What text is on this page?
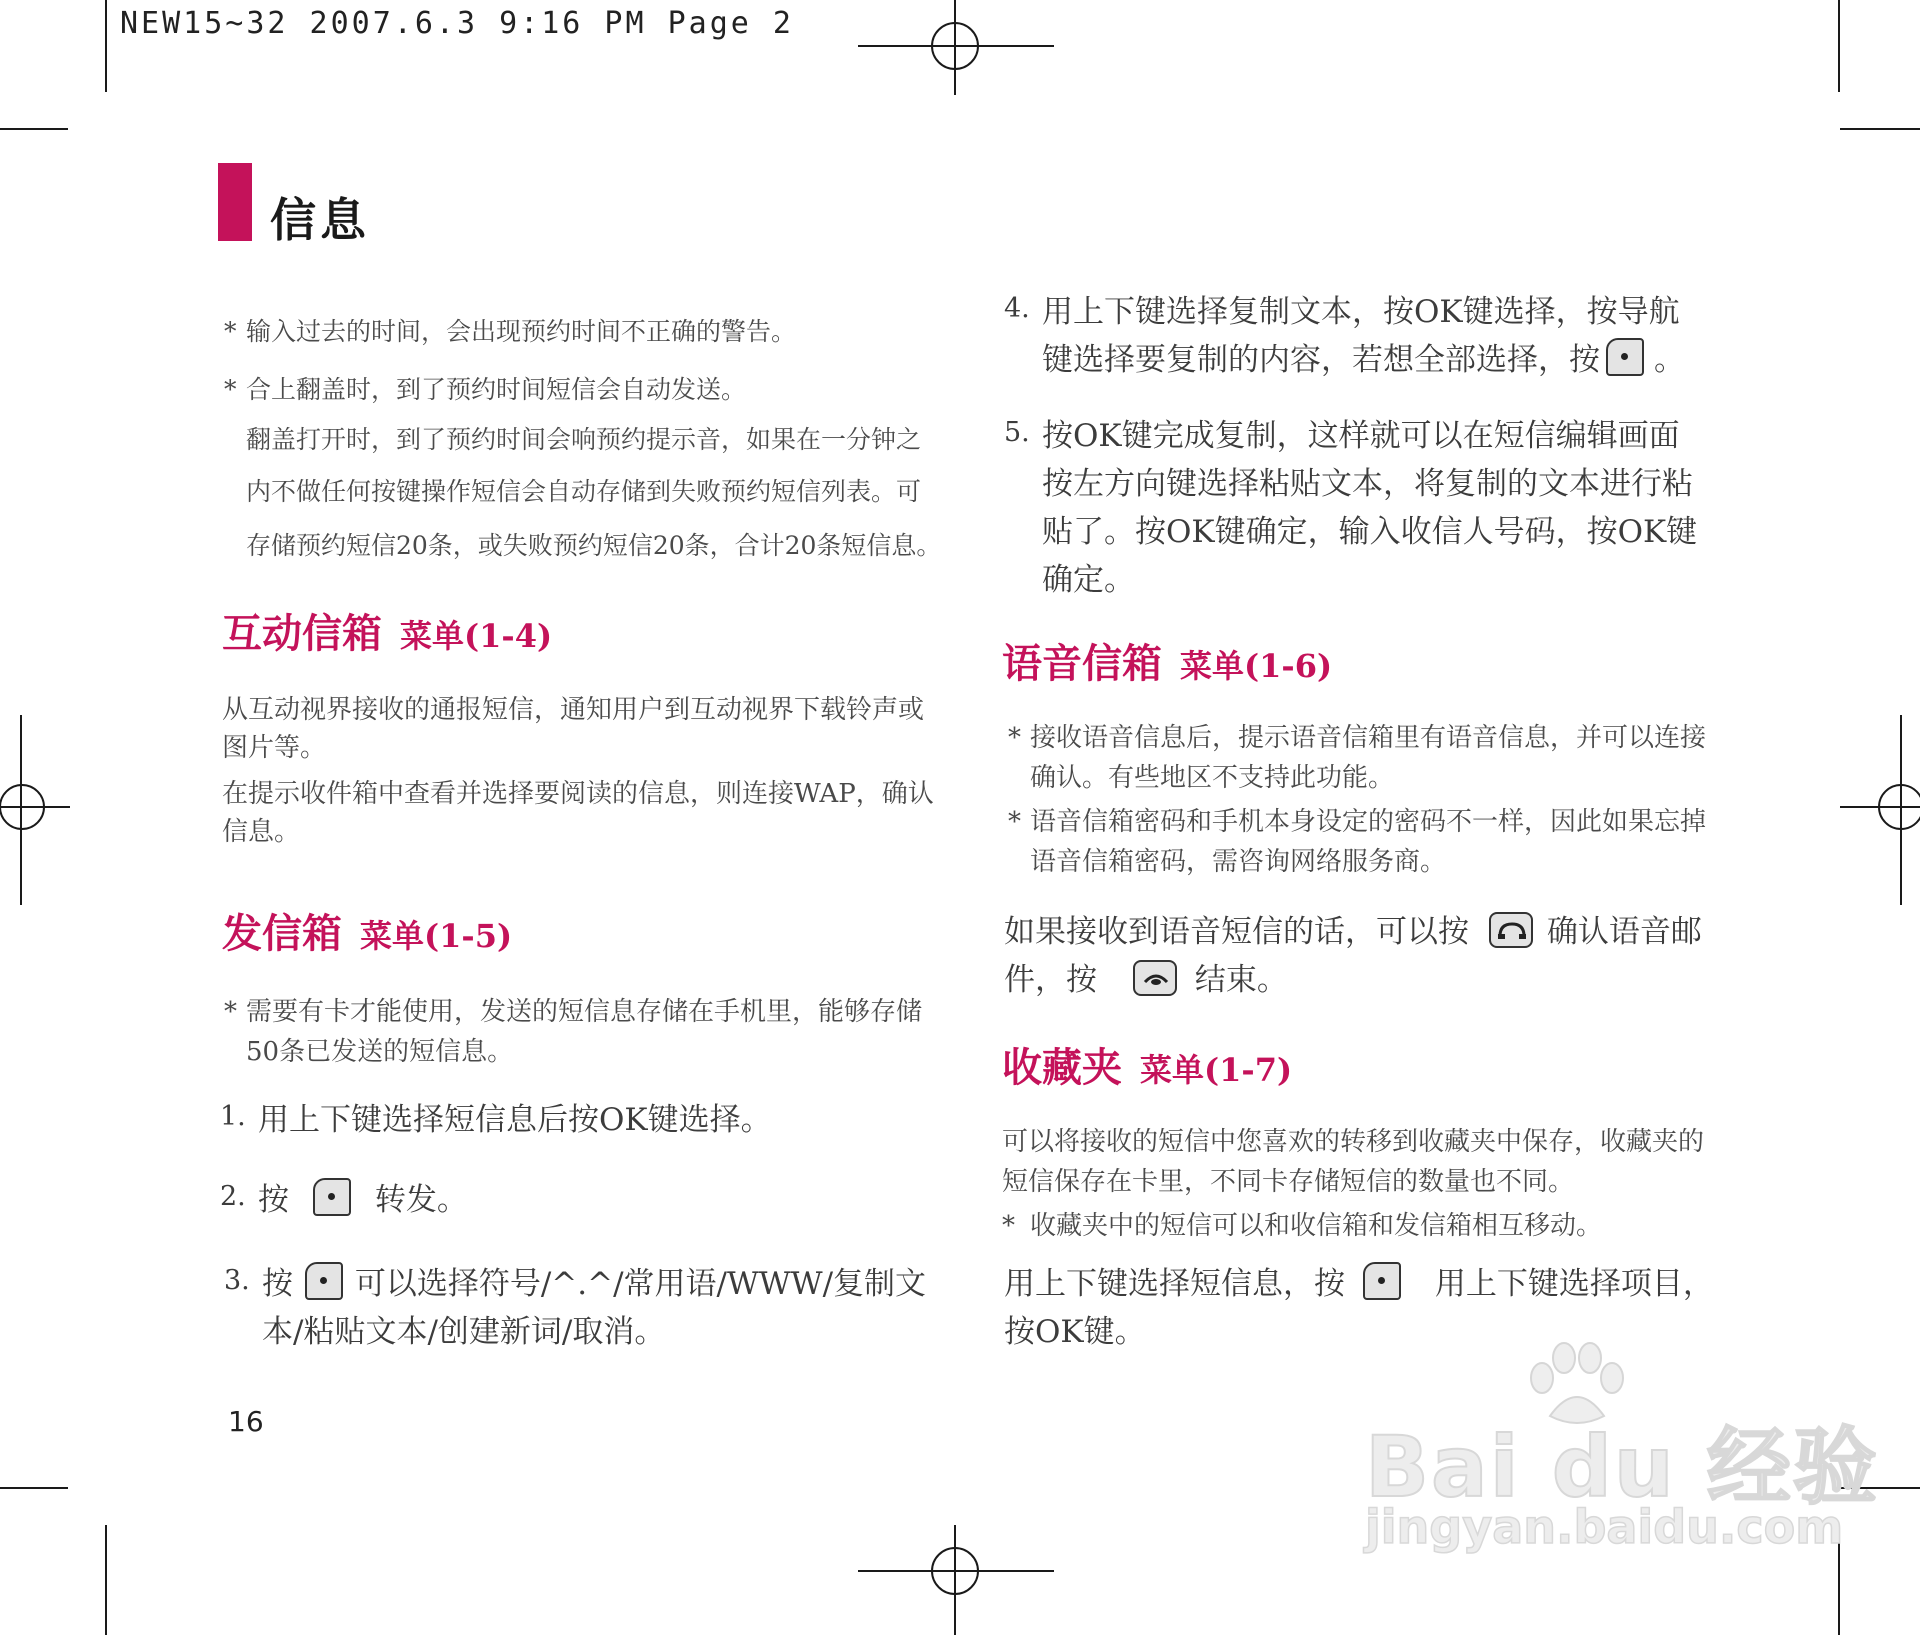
NEW15~32 2007.6.3 9:16 PM Page 2
信息
* 输入过去的时间，会出现预约时间不正确的警告。
* 合上翻盖时，到了预约时间短信会自动发送。
翻盖打开时，到了预约时间会响预约提示音，如果在一分钟之
内不做任何按键操作短信会自动存储到失败预约短信列表。可
存储预约短信20条，或失败预约短信20条，合计20条短信息。
互动信箱 菜单(1-4)
从互动视界接收的通报短信，通知用户到互动视界下载铃声或
图片等。
在提示收件箱中查看并选择要阅读的信息，则连接WAP，确认
信息。
发信箱 菜单(1-5)
* 需要有卡才能使用，发送的短信息存储在手机里，能够存储
50条已发送的短信息。
1. 用上下键选择短信息后按OK键选择。
2. 按	转发。
3. 按 可以选择符号/^.^/常用语/WWW/复制文
本/粘贴文本/创建新词/取消。
16
4. 用上下键选择复制文本，按OK键选择，按导航
键选择要复制的内容，若想全部选择，按 。
5. 按OK键完成复制，这样就可以在短信编辑画面
按左方向键选择粘贴文本，将复制的文本进行粘
贴了。按OK键确定，输入收信人号码，按OK键
确定。
语音信箱 菜单(1-6)
* 接收语音信息后，提示语音信箱里有语音信息，并可以连接
确认。有些地区不支持此功能。
* 语音信箱密码和手机本身设定的密码不一样，因此如果忘掉
语音信箱密码，需咨询网络服务商。
如果接收到语音短信的话，可以按	确认语音邮
件，按	结束。
收藏夹 菜单(1-7)
可以将接收的短信中您喜欢的转移到收藏夹中保存，收藏夹的
短信保存在卡里，不同卡存储短信的数量也不同。
* 收藏夹中的短信可以和收信箱和发信箱相互移动。
用上下键选择短信息，按	用上下键选择项目，
按OK键。
Bai du 经验
jingyan.baidu.com
